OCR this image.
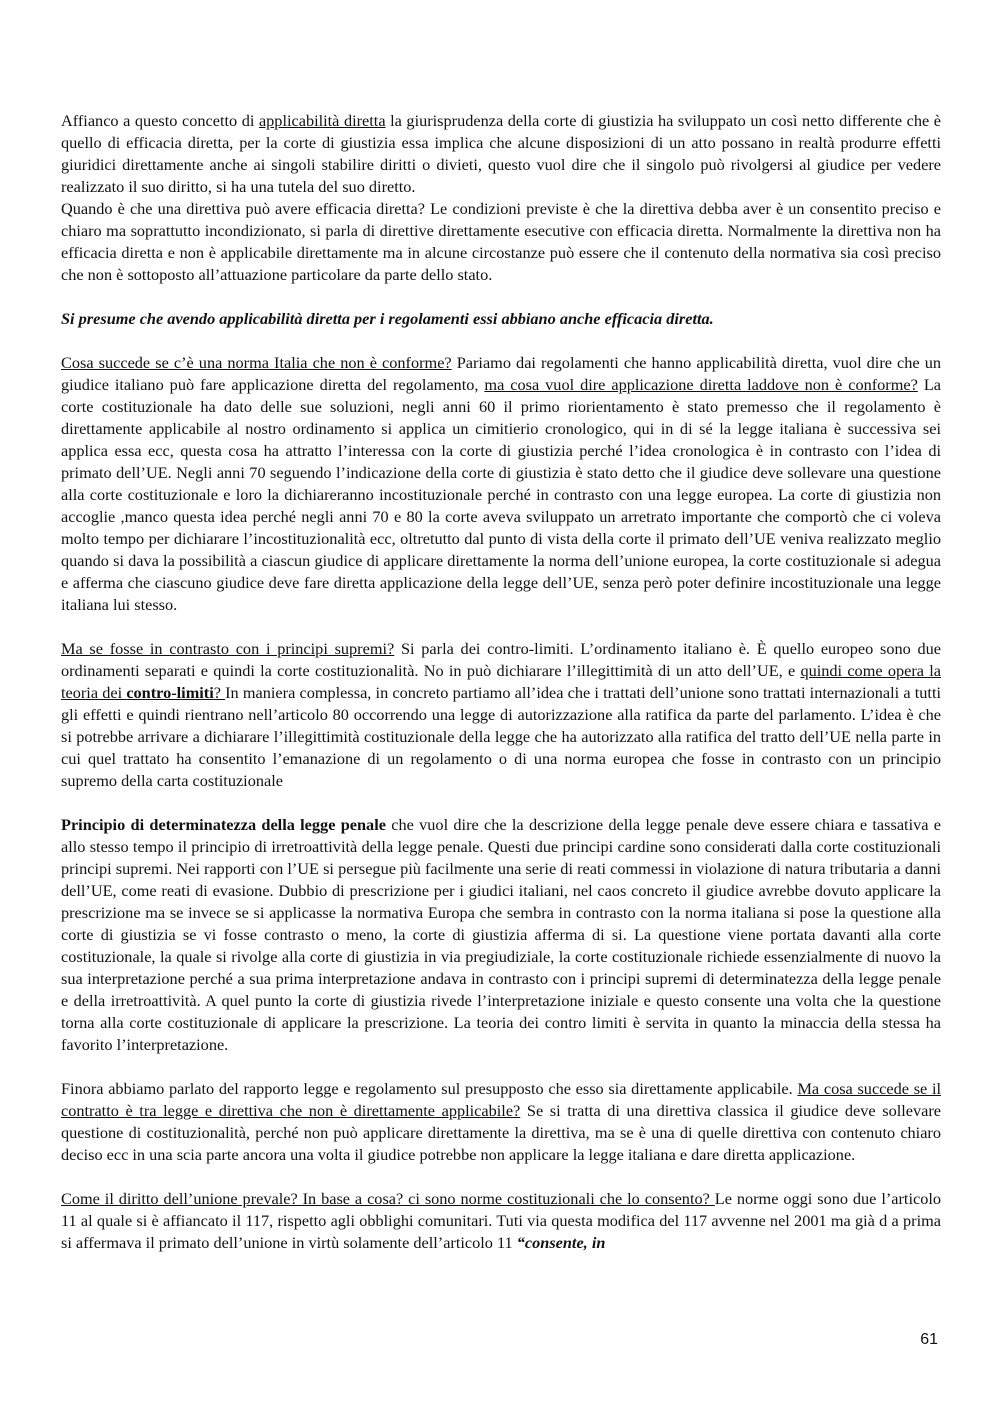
Affianco a questo concetto di applicabilità diretta la giurisprudenza della corte di giustizia ha sviluppato un così netto differente che è quello di efficacia diretta, per la corte di giustizia essa implica che alcune disposizioni di un atto possano in realtà produrre effetti giuridici direttamente anche ai singoli stabilire diritti o divieti, questo vuol dire che il singolo può rivolgersi al giudice per vedere realizzato il suo diritto, si ha una tutela del suo diretto.

Quando è che una direttiva può avere efficacia diretta? Le condizioni previste è che la direttiva debba aver è un consentito preciso e chiaro ma soprattutto incondizionato, si parla di direttive direttamente esecutive con efficacia diretta. Normalmente la direttiva non ha efficacia diretta e non è applicabile direttamente ma in alcune circostanze può essere che il contenuto della normativa sia così preciso che non è sottoposto all’attuazione particolare da parte dello stato.

Si presume che avendo applicabilità diretta per i regolamenti essi abbiano anche efficacia diretta.

Cosa succede se c’è una norma Italia che non è conforme? Pariamo dai regolamenti che hanno applicabilità diretta, vuol dire che un giudice italiano può fare applicazione diretta del regolamento, ma cosa vuol dire applicazione diretta laddove non è conforme? La corte costituzionale ha dato delle sue soluzioni, negli anni 60 il primo riorientamento è stato premesso che il regolamento è direttamente applicabile al nostro ordinamento si applica un cimitierio cronologico, qui in di sé la legge italiana è successiva sei applica essa ecc, questa cosa ha attratto l’interessa con la corte di giustizia perché l’idea cronologica è in contrasto con l’idea di primato dell’UE. Negli anni 70 seguendo l’indicazione della corte di giustizia è stato detto che il giudice deve sollevare una questione alla corte costituzionale e loro la dichiareranno incostituzionale perché in contrasto con una legge europea. La corte di giustizia non accoglie ,manco questa idea perché negli anni 70 e 80 la corte aveva sviluppato un arretrato importante che comportò che ci voleva molto tempo per dichiarare l’incostituzionalità ecc, oltretutto dal punto di vista della corte il primato dell’UE veniva realizzato meglio quando si dava la possibilità a ciascun giudice di applicare direttamente la norma dell’unione europea, la corte costituzionale si adegua e afferma che ciascuno giudice deve fare diretta applicazione della legge dell’UE, senza però poter definire incostituzionale una legge italiana lui stesso.

Ma se fosse in contrasto con i principi supremi? Si parla dei contro-limiti. L’ordinamento italiano è. È quello europeo sono due ordinamenti separati e quindi la corte costituzionalità. No in può dichiarare l’illegittimità di un atto dell’UE, e quindi come opera la teoria dei contro-limiti? In maniera complessa, in concreto partiamo all’idea che i trattati dell’unione sono trattati internazionali a tutti gli effetti e quindi rientrano nell’articolo 80 occorrendo una legge di autorizzazione alla ratifica da parte del parlamento. L’idea è che si potrebbe arrivare a dichiarare l’illegittimità costituzionale della legge che ha autorizzato alla ratifica del tratto dell’UE nella parte in cui quel trattato ha consentito l’emanazione di un regolamento o di una norma europea che fosse in contrasto con un principio supremo della carta costituzionale

Principio di determinatezza della legge penale che vuol dire che la descrizione della legge penale deve essere chiara e tassativa e allo stesso tempo il principio di irretroattività della legge penale. Questi due principi cardine sono considerati dalla corte costituzionali principi supremi. Nei rapporti con l’UE si persegue più facilmente una serie di reati commessi in violazione di natura tributaria a danni dell’UE, come reati di evasione. Dubbio di prescrizione per i giudici italiani, nel caos concreto il giudice avrebbe dovuto applicare la prescrizione ma se invece se si applicasse la normativa Europa che sembra in contrasto con la norma italiana si pose la questione alla corte di giustizia se vi fosse contrasto o meno, la corte di giustizia afferma di si. La questione viene portata davanti alla corte costituzionale, la quale si rivolge alla corte di giustizia in via pregiudiziale, la corte costituzionale richiede essenzialmente di nuovo la sua interpretazione perché a sua prima interpretazione andava in contrasto con i principi supremi di determinatezza della legge penale e della irretroattività. A quel punto la corte di giustizia rivede l’interpretazione iniziale e questo consente una volta che la questione torna alla corte costituzionale di applicare la prescrizione. La teoria dei contro limiti è servita in quanto la minaccia della stessa ha favorito l’interpretazione.

Finora abbiamo parlato del rapporto legge e regolamento sul presupposto che esso sia direttamente applicabile. Ma cosa succede se il contratto è tra legge e direttiva che non è direttamente applicabile? Se si tratta di una direttiva classica il giudice deve sollevare questione di costituzionalità, perché non può applicare direttamente la direttiva, ma se è una di quelle direttiva con contenuto chiaro deciso ecc in una scia parte ancora una volta il giudice potrebbe non applicare la legge italiana e dare diretta applicazione.

Come il diritto dell’unione prevale? In base a cosa? ci sono norme costituzionali che lo consento? Le norme oggi sono due l’articolo 11 al quale si è affiancato il 117, rispetto agli obblighi comunitari. Tuti via questa modifica del 117 avvenne nel 2001 ma già d a prima si affermava il primato dell’unione in virtù solamente dell’articolo 11 “consente, in

61
